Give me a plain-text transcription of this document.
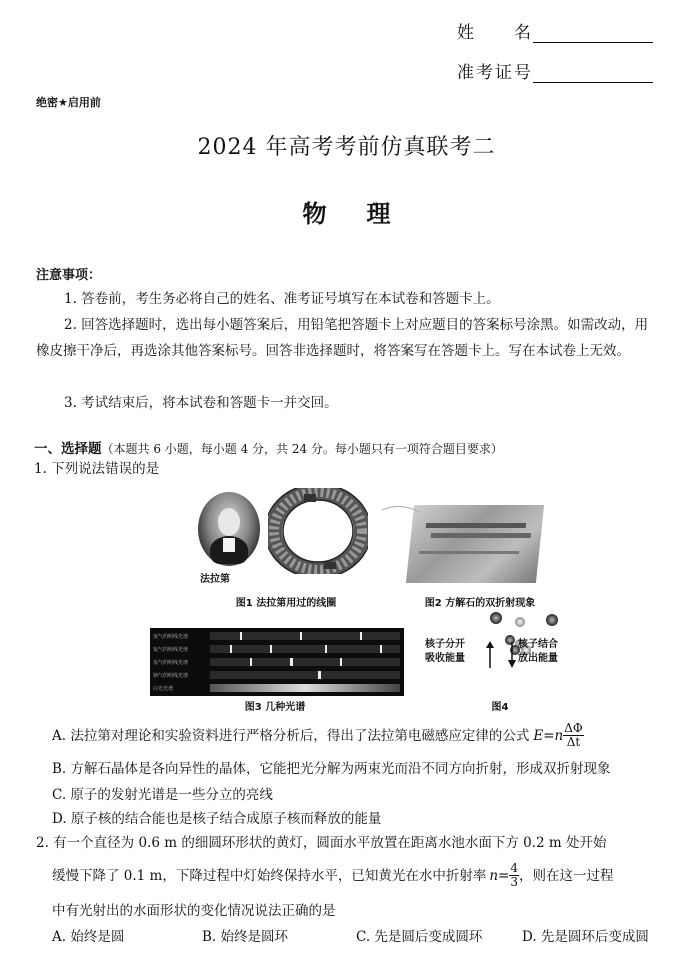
姓　　名
准考证号
绝密★启用前
2024 年高考考前仿真联考二
物理
注意事项：
1. 答卷前，考生务必将自己的姓名、准考证号填写在本试卷和答题卡上。
2. 回答选择题时，选出每小题答案后，用铅笔把答题卡上对应题目的答案标号涂黑。如需改动，用橡皮擦干净后，再选涂其他答案标号。回答非选择题时，将答案写在答题卡上。写在本试卷上无效。
3. 考试结束后，将本试卷和答题卡一并交回。
一、选择题（本题共 6 小题，每小题 4 分，共 24 分。每小题只有一项符合题目要求）
1. 下列说法错误的是
法拉第
图1 法拉第用过的线圈	图2 方解石的双折射现象
氢气的明线光谱
氦气的明线光谱
氖气的明线光谱
钠气的明线光谱
白光光谱
图3 几种光谱
核子分开
吸收能量
核子结合
放出能量
图4
A. 法拉第对理论和实验资料进行严格分析后，得出了法拉第电磁感应定律的公式 $E=n \frac{\Delta\Phi}{\Delta t}$
B. 方解石晶体是各向异性的晶体，它能把光分解为两束光而沿不同方向折射，形成双折射现象
C. 原子的发射光谱是一些分立的亮线
D. 原子核的结合能也是核子结合成原子核而释放的能量
2. 有一个直径为 0.6 m 的细圆环形状的黄灯，圆面水平放置在距离水池水面下方 0.2 m 处开始
缓慢下降了 0.1 m，下降过程中灯始终保持水平，已知黄光在水中折射率 $n= \frac{4}{3}$ ，则在这一过程
中有光射出的水面形状的变化情况说法正确的是
A. 始终是圆	B. 始终是圆环	C. 先是圆后变成圆环	D. 先是圆环后变成圆
